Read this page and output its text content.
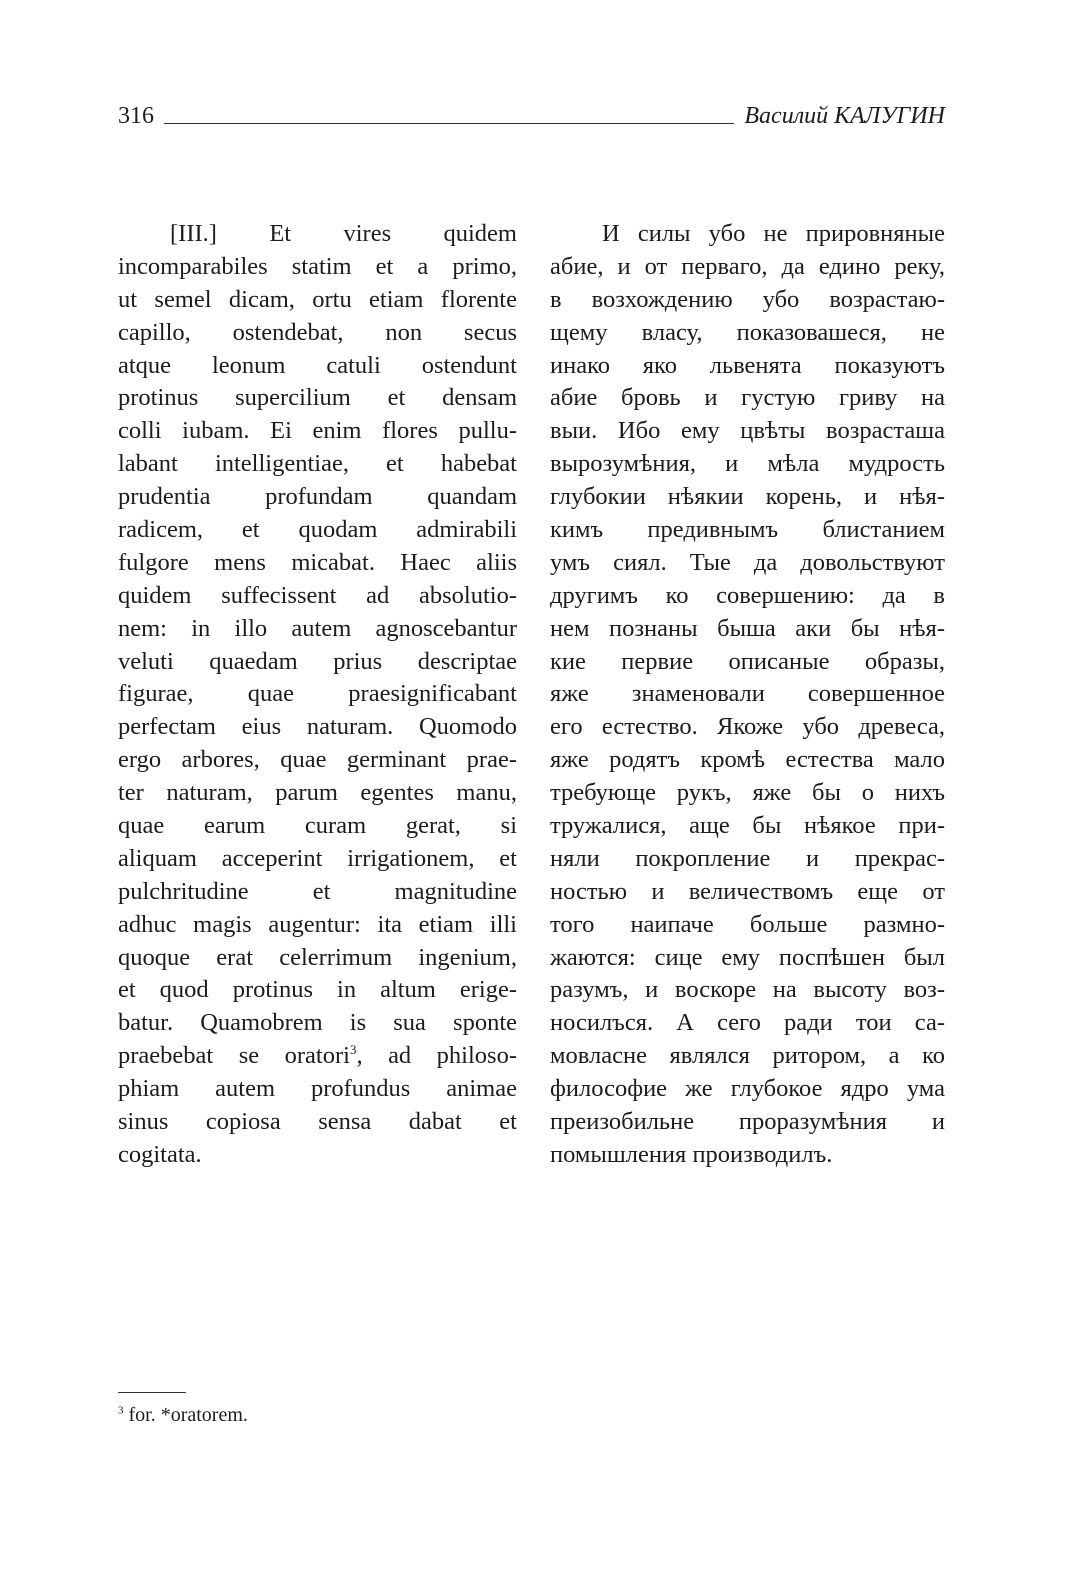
316	Василий КАЛУГИН
[III.] Et vires quidem
incomparabiles statim et a primo,
ut semel dicam, ortu etiam florente
capillo, ostendebat, non secus
atque leonum catuli ostendunt
protinus supercilium et densam
colli iubam. Ei enim flores pullu-
labant intelligentiae, et habebat
prudentia profundam quandam
radicem, et quodam admirabili
fulgore mens micabat. Haec aliis
quidem suffecissent ad absolutio-
nem: in illo autem agnoscebantur
veluti quaedam prius descriptae
figurae, quae praesignificabant
perfectam eius naturam. Quomodo
ergo arbores, quae germinant prae-
ter naturam, parum egentes manu,
quae earum curam gerat, si
aliquam acceperint irrigationem, et
pulchritudine et magnitudine
adhuc magis augentur: ita etiam illi
quoque erat celerrimum ingenium,
et quod protinus in altum erige-
batur. Quamobrem is sua sponte
praebebat se oratori$^3$, ad philoso-
phiam autem profundus animae
sinus copiosa sensa dabat et
cogitata.
И силы убо не прировняные
абие, и от перваго, да едино реку,
в возхождению убо возрастаю-
щему власу, показовашеся, не
инако яко львенята показуютъ
абие бровь и густую гриву на
выи. Ибо ему цвѣты возрасташа
вырозумѣния, и мѣла мудрость
глубокии нѣякии корень, и нѣя-
кимъ предивнымъ блистанием
умъ сиял. Тые да довольствуют
другимъ ко совершению: да в
нем познаны быша аки бы нѣя-
кие первие описаные образы,
яже знаменовали совершенное
его естество. Якоже убо древеса,
яже родятъ кромѣ естества мало
требующе рукъ, яже бы о нихъ
тружалися, аще бы нѣякое при-
няли покропление и прекрас-
ностью и величествомъ еще от
того наипаче больше размно-
жаются: сице ему поспѣшен был
разумъ, и воскоре на высоту воз-
носилъся. А сего ради тои са-
мовласне являлся ритором, а ко
философие же глубокое ядро ума
преизобильне проразумѣния и
помышления производилъ.
$^3$ for. *oratorem.
